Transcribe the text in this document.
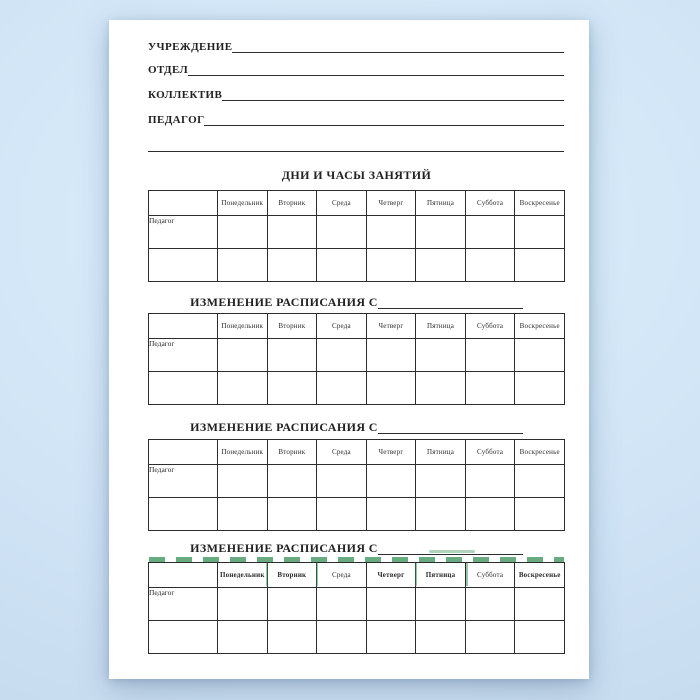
УЧРЕЖДЕНИЕ
ОТДЕЛ
КОЛЛЕКТИВ
ПЕДАГОГ
ДНИ И ЧАСЫ ЗАНЯТИЙ
	Понедельник	Вторник	Среда	Четверг	Пятница	Суббота	Воскресенье
Педагог							

ИЗМЕНЕНИЕ РАСПИСАНИЯ С
	Понедельник	Вторник	Среда	Четверг	Пятница	Суббота	Воскресенье
Педагог							

ИЗМЕНЕНИЕ РАСПИСАНИЯ С
	Понедельник	Вторник	Среда	Четверг	Пятница	Суббота	Воскресенье
Педагог							

ИЗМЕНЕНИЕ РАСПИСАНИЯ С
	Понедельник	Вторник	Среда	Четверг	Пятница	Суббота	Воскресенье
Педагог							
